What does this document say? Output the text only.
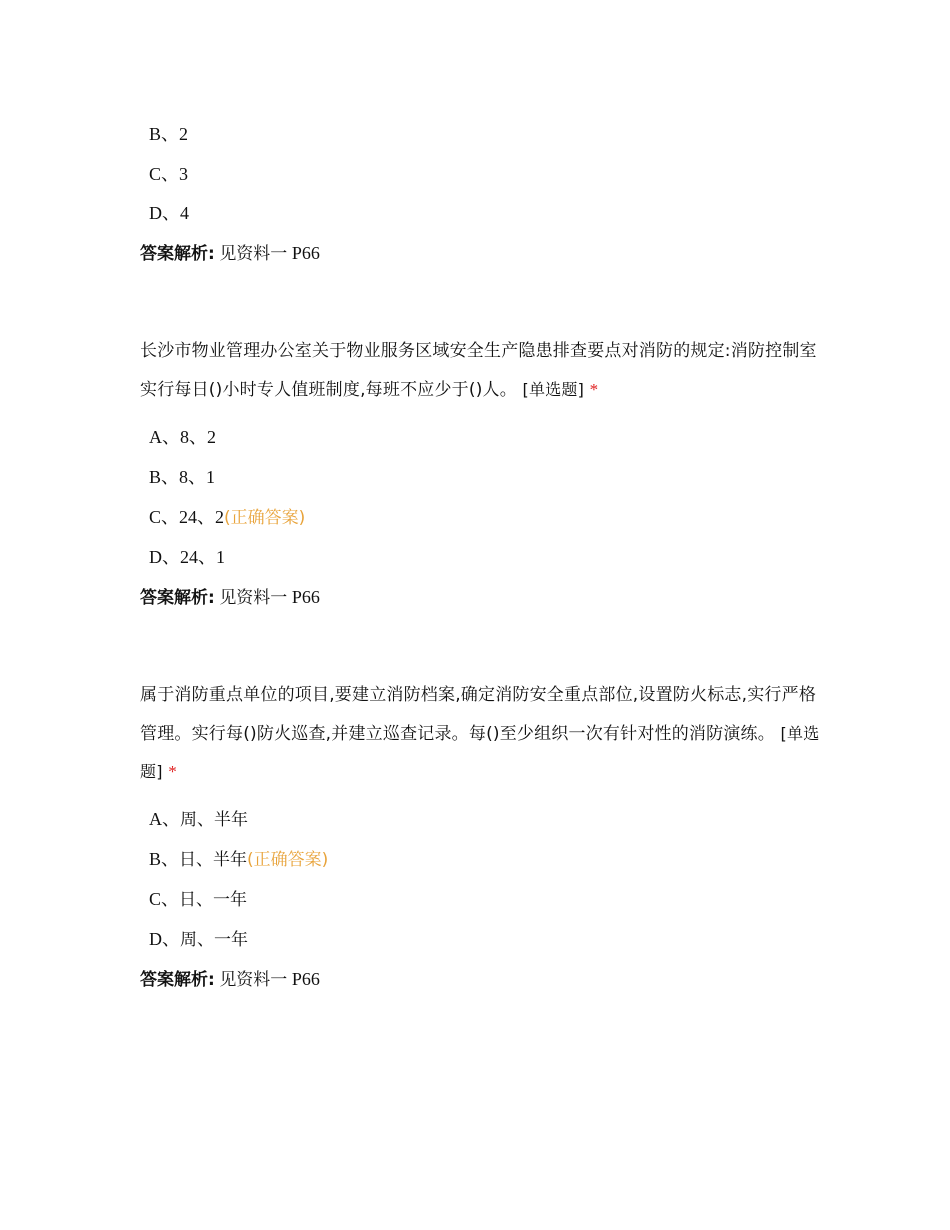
B、2
C、3
D、4
答案解析: 见资料一 P66
长沙市物业管理办公室关于物业服务区域安全生产隐患排查要点对消防的规定:消防控制室实行每日()小时专人值班制度,每班不应少于()人。 [单选题] *
A、8、2
B、8、1
C、24、2(正确答案)
D、24、1
答案解析: 见资料一 P66
属于消防重点单位的项目,要建立消防档案,确定消防安全重点部位,设置防火标志,实行严格管理。实行每()防火巡查,并建立巡查记录。每()至少组织一次有针对性的消防演练。 [单选题] *
A、周、半年
B、日、半年(正确答案)
C、日、一年
D、周、一年
答案解析: 见资料一 P66
